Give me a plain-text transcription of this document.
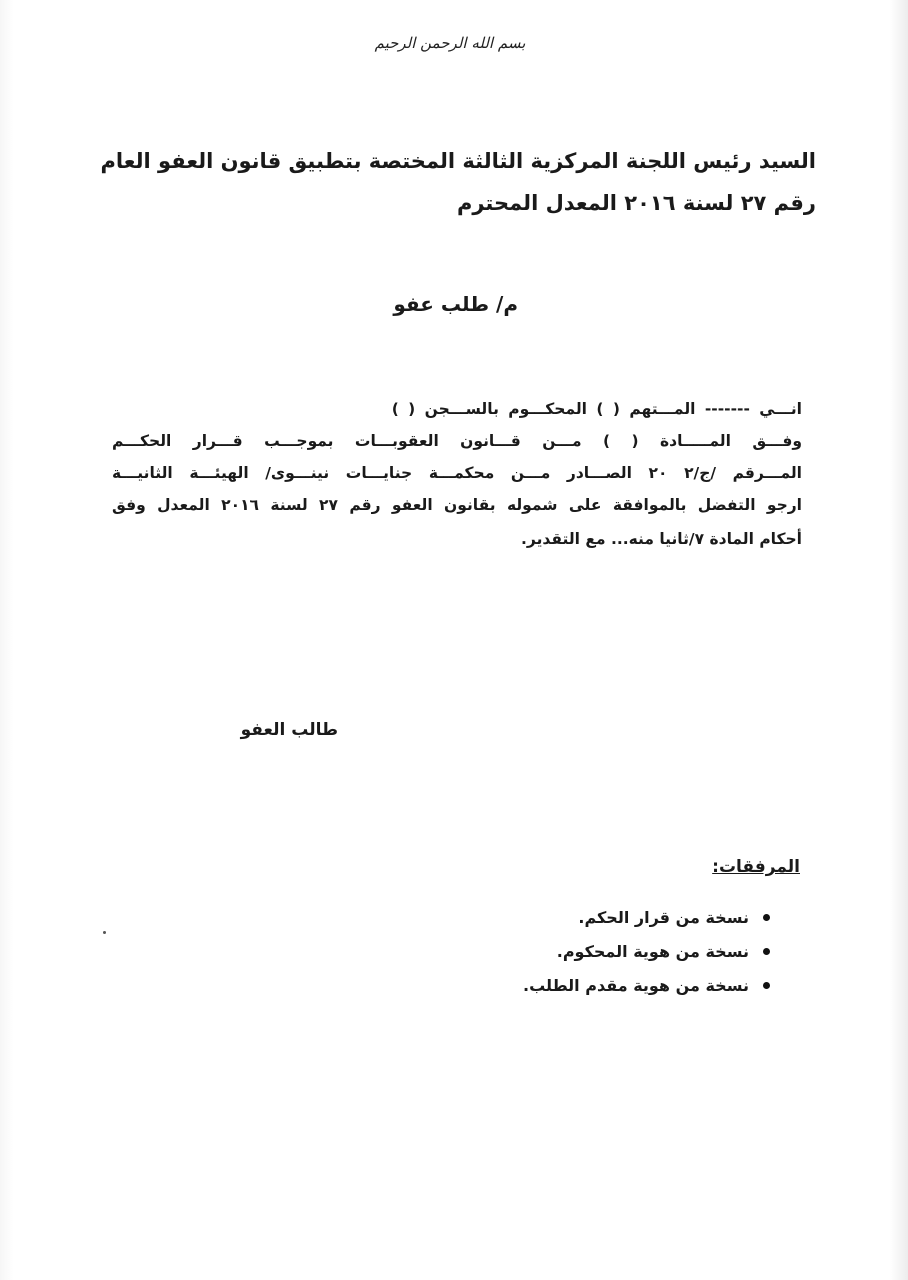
بسم الله الرحمن الرحيم
السيد رئيس اللجنة المركزية الثالثة المختصة بتطبيق قانون العفو العام
رقم ٢٧ لسنة ٢٠١٦ المعدل المحترم
م/ طلب عفو
انـــي ------- المـــتهم ( ) المحكـــوم بالســـجن ( )
وفـــق المـــــادة ( ) مـــن قـــانون العقوبـــات بموجـــب قـــرار الحكـــم
المـــرقم /ج/٢ ٢٠ الصـــادر مـــن محكمـــة جنايـــات نينـــوى/ الهيئـــة الثانيـــة
ارجو التفضل بالموافقة على شموله بقانون العفو رقم ٢٧ لسنة ٢٠١٦ المعدل وفق
أحكام المادة ٧/ثانيا منه... مع التقدير.
طالب العفو
المرفقات:
نسخة من قرار الحكم.
نسخة من هوية المحكوم.
نسخة من هوية مقدم الطلب.
